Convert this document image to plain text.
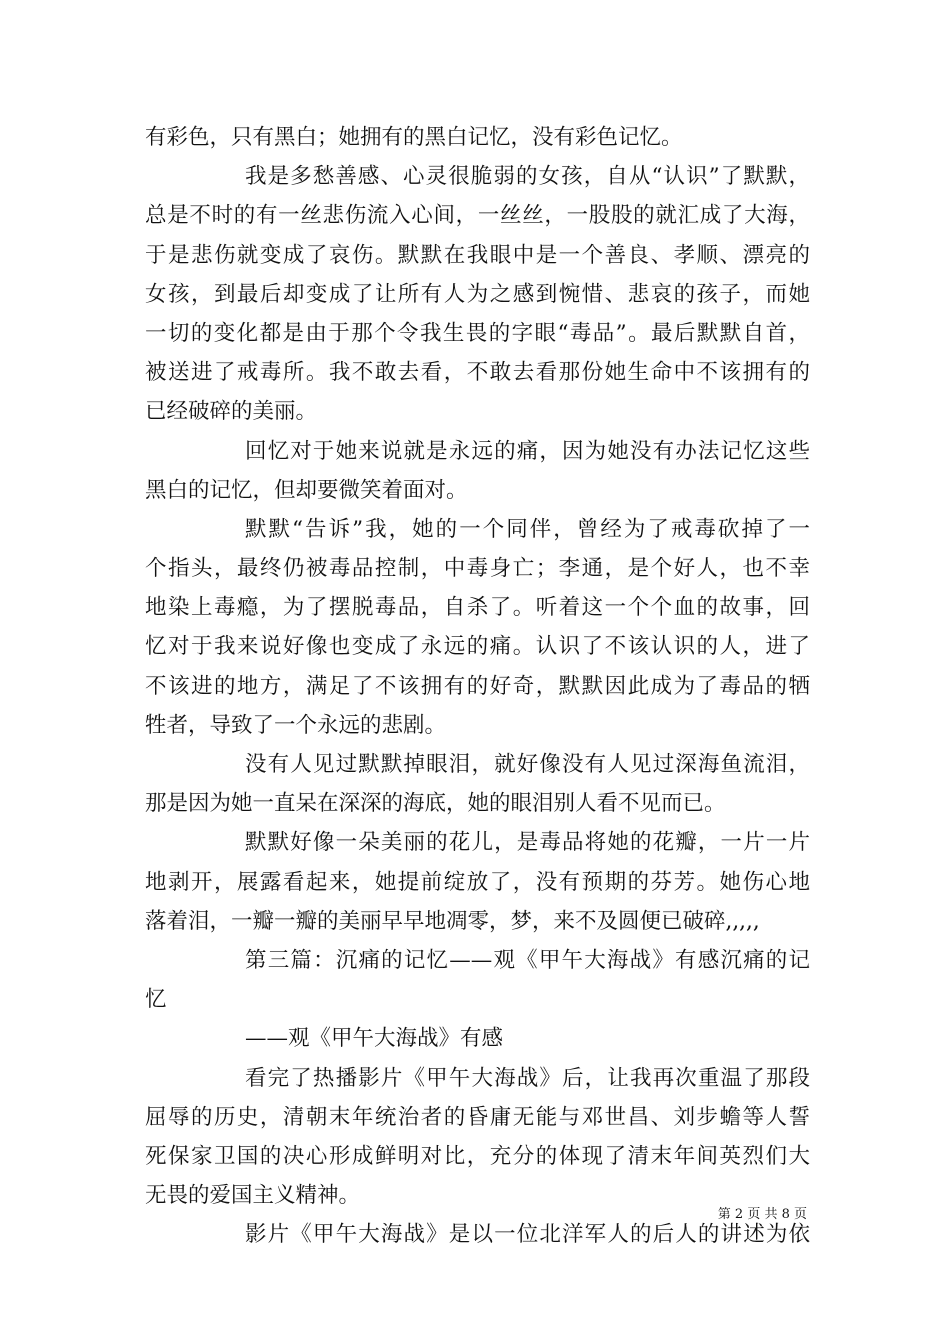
有彩色，只有黑白；她拥有的黑白记忆，没有彩色记忆。
我是多愁善感、心灵很脆弱的女孩，自从“认识”了默默，
总是不时的有一丝悲伤流入心间，一丝丝，一股股的就汇成了大海，
于是悲伤就变成了哀伤。默默在我眼中是一个善良、孝顺、漂亮的
女孩，到最后却变成了让所有人为之感到惋惜、悲哀的孩子，而她
一切的变化都是由于那个令我生畏的字眼“毒品”。最后默默自首，
被送进了戒毒所。我不敢去看，不敢去看那份她生命中不该拥有的
已经破碎的美丽。
回忆对于她来说就是永远的痛，因为她没有办法记忆这些
黑白的记忆，但却要微笑着面对。
默默“告诉”我，她的一个同伴，曾经为了戒毒砍掉了一
个指头，最终仍被毒品控制，中毒身亡；李通，是个好人，也不幸
地染上毒瘾，为了摆脱毒品，自杀了。听着这一个个血的故事，回
忆对于我来说好像也变成了永远的痛。认识了不该认识的人，进了
不该进的地方，满足了不该拥有的好奇，默默因此成为了毒品的牺
牲者，导致了一个永远的悲剧。
没有人见过默默掉眼泪，就好像没有人见过深海鱼流泪，
那是因为她一直呆在深深的海底，她的眼泪别人看不见而已。
默默好像一朵美丽的花儿，是毒品将她的花瓣，一片一片
地剥开，展露看起来，她提前绽放了，没有预期的芬芳。她伤心地
落着泪，一瓣一瓣的美丽早早地凋零，梦，来不及圆便已破碎,,,,,
第三篇：沉痛的记忆——观《甲午大海战》有感沉痛的记
忆
——观《甲午大海战》有感
看完了热播影片《甲午大海战》后，让我再次重温了那段
屈辱的历史，清朝末年统治者的昏庸无能与邓世昌、刘步蟾等人誓
死保家卫国的决心形成鲜明对比，充分的体现了清末年间英烈们大
无畏的爱国主义精神。
影片《甲午大海战》是以一位北洋军人的后人的讲述为依
第 2 页 共 8 页
